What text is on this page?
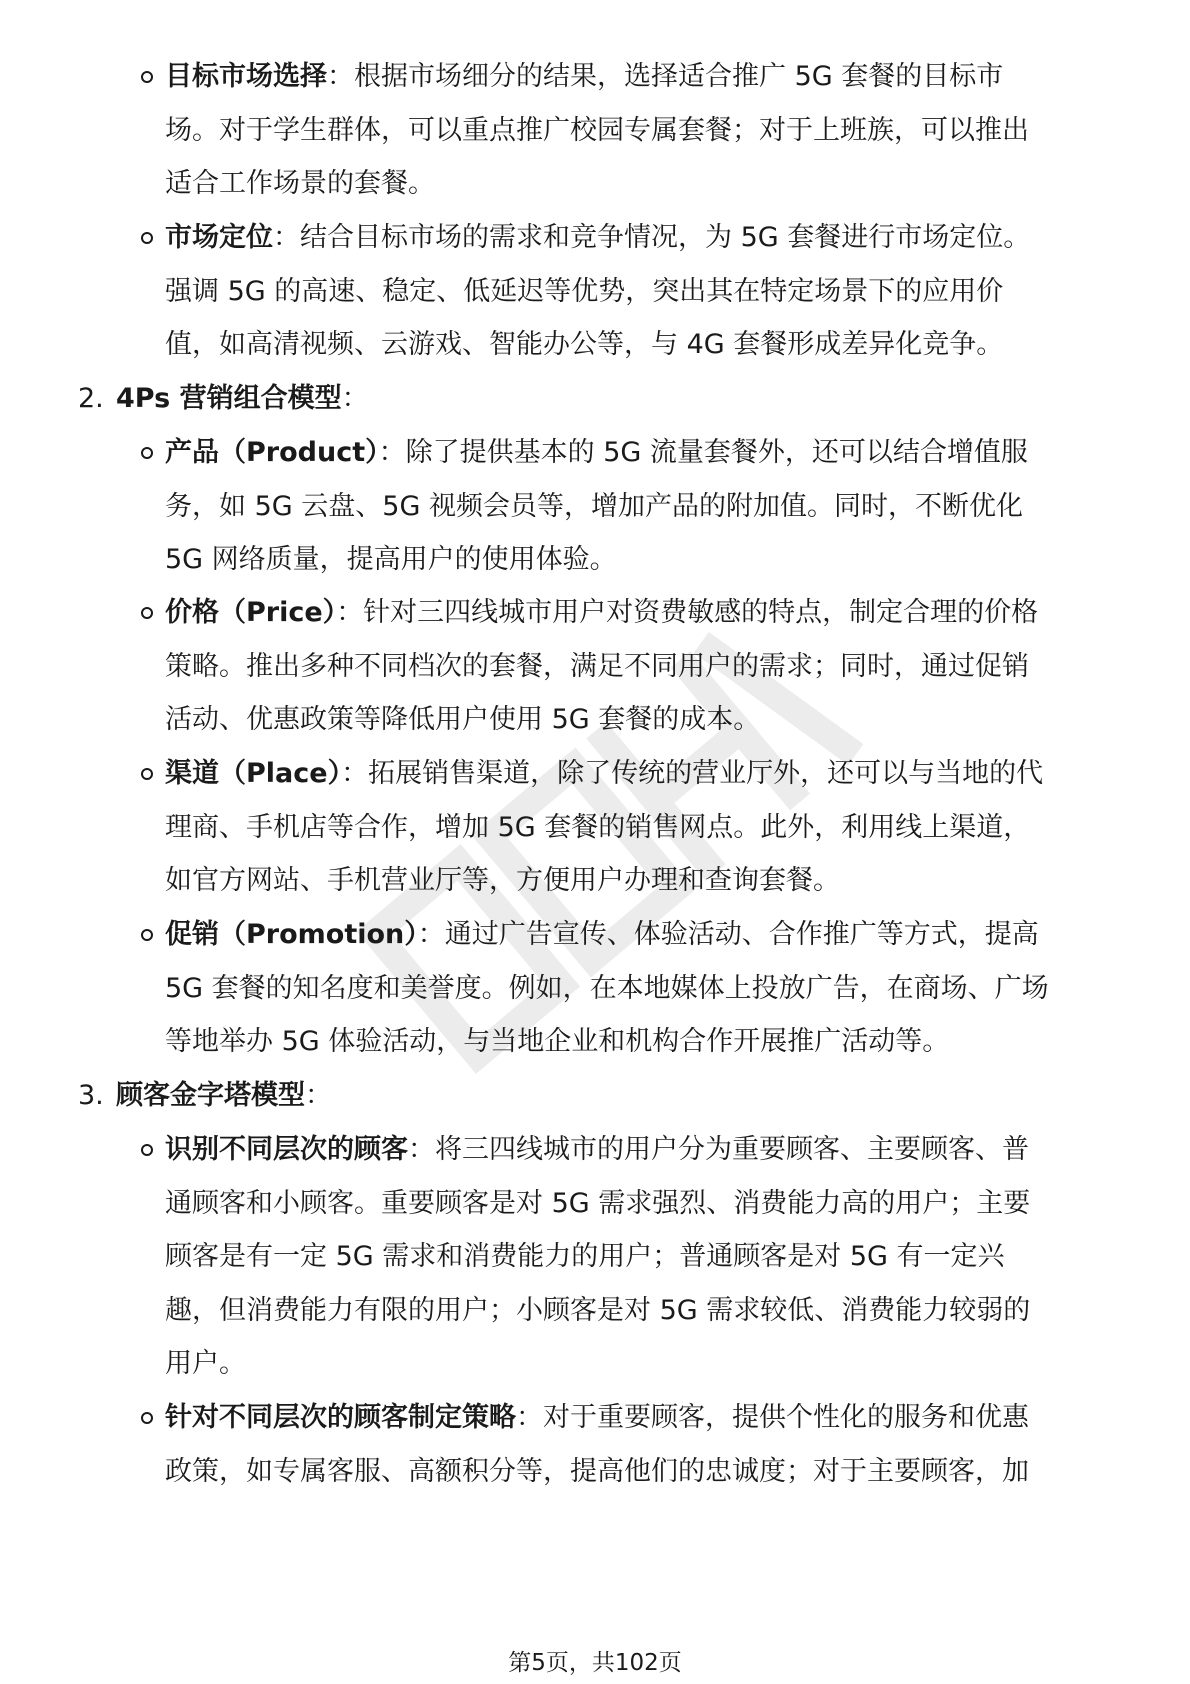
目标市场选择：根据市场细分的结果，选择适合推广 5G 套餐的目标市
场。对于学生群体，可以重点推广校园专属套餐；对于上班族，可以推出
适合工作场景的套餐。
市场定位：结合目标市场的需求和竞争情况，为 5G 套餐进行市场定位。
强调 5G 的高速、稳定、低延迟等优势，突出其在特定场景下的应用价
值，如高清视频、云游戏、智能办公等，与 4G 套餐形成差异化竞争。
2. 4Ps 营销组合模型：
产品（Product）：除了提供基本的 5G 流量套餐外，还可以结合增值服
务，如 5G 云盘、5G 视频会员等，增加产品的附加值。同时，不断优化
5G 网络质量，提高用户的使用体验。
价格（Price）：针对三四线城市用户对资费敏感的特点，制定合理的价格
策略。推出多种不同档次的套餐，满足不同用户的需求；同时，通过促销
活动、优惠政策等降低用户使用 5G 套餐的成本。
渠道（Place）：拓展销售渠道，除了传统的营业厅外，还可以与当地的代
理商、手机店等合作，增加 5G 套餐的销售网点。此外，利用线上渠道，
如官方网站、手机营业厅等，方便用户办理和查询套餐。
促销（Promotion）：通过广告宣传、体验活动、合作推广等方式，提高
5G 套餐的知名度和美誉度。例如，在本地媒体上投放广告，在商场、广场
等地举办 5G 体验活动，与当地企业和机构合作开展推广活动等。
3. 顾客金字塔模型：
识别不同层次的顾客：将三四线城市的用户分为重要顾客、主要顾客、普
通顾客和小顾客。重要顾客是对 5G 需求强烈、消费能力高的用户；主要
顾客是有一定 5G 需求和消费能力的用户；普通顾客是对 5G 有一定兴
趣，但消费能力有限的用户；小顾客是对 5G 需求较低、消费能力较弱的
用户。
针对不同层次的顾客制定策略：对于重要顾客，提供个性化的服务和优惠
政策，如专属客服、高额积分等，提高他们的忠诚度；对于主要顾客，加
第5页，共102页
